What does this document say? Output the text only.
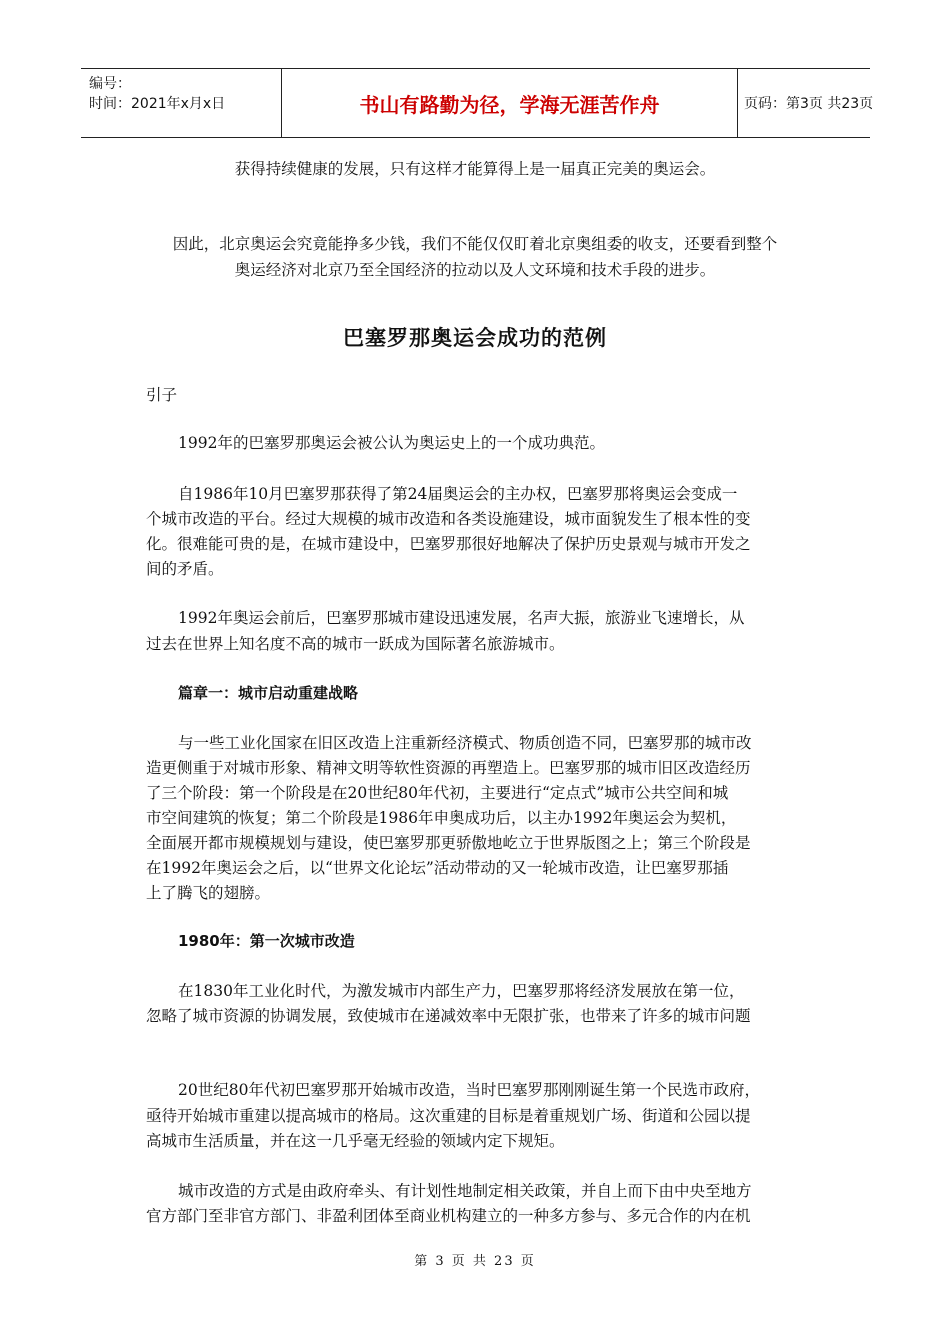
编号：
时间：2021年x月x日	书山有路勤为径，学海无涯苦作舟	页码：第3页 共23页
获得持续健康的发展，只有这样才能算得上是一届真正完美的奥运会。
因此，北京奥运会究竟能挣多少钱，我们不能仅仅盯着北京奥组委的收支，还要看到整个
奥运经济对北京乃至全国经济的拉动以及人文环境和技术手段的进步。
巴塞罗那奥运会成功的范例
引子
1992年的巴塞罗那奥运会被公认为奥运史上的一个成功典范。
自1986年10月巴塞罗那获得了第24届奥运会的主办权，巴塞罗那将奥运会变成一
个城市改造的平台。经过大规模的城市改造和各类设施建设，城市面貌发生了根本性的变
化。很难能可贵的是，在城市建设中，巴塞罗那很好地解决了保护历史景观与城市开发之
间的矛盾。
1992年奥运会前后，巴塞罗那城市建设迅速发展，名声大振，旅游业飞速增长，从
过去在世界上知名度不高的城市一跃成为国际著名旅游城市。
篇章一：城市启动重建战略
与一些工业化国家在旧区改造上注重新经济模式、物质创造不同，巴塞罗那的城市改
造更侧重于对城市形象、精神文明等软性资源的再塑造上。巴塞罗那的城市旧区改造经历
了三个阶段：第一个阶段是在20世纪80年代初，主要进行“定点式”城市公共空间和城
市空间建筑的恢复；第二个阶段是1986年申奥成功后，以主办1992年奥运会为契机，
全面展开都市规模规划与建设，使巴塞罗那更骄傲地屹立于世界版图之上；第三个阶段是
在1992年奥运会之后，以“世界文化论坛”活动带动的又一轮城市改造，让巴塞罗那插
上了腾飞的翅膀。
1980年：第一次城市改造
在1830年工业化时代，为激发城市内部生产力，巴塞罗那将经济发展放在第一位，
忽略了城市资源的协调发展，致使城市在递减效率中无限扩张，也带来了许多的城市问题
20世纪80年代初巴塞罗那开始城市改造，当时巴塞罗那刚刚诞生第一个民选市政府，
亟待开始城市重建以提高城市的格局。这次重建的目标是着重规划广场、街道和公园以提
高城市生活质量，并在这一几乎毫无经验的领域内定下规矩。
城市改造的方式是由政府牵头、有计划性地制定相关政策，并自上而下由中央至地方
官方部门至非官方部门、非盈利团体至商业机构建立的一种多方参与、多元合作的内在机
第 3 页 共 23 页
